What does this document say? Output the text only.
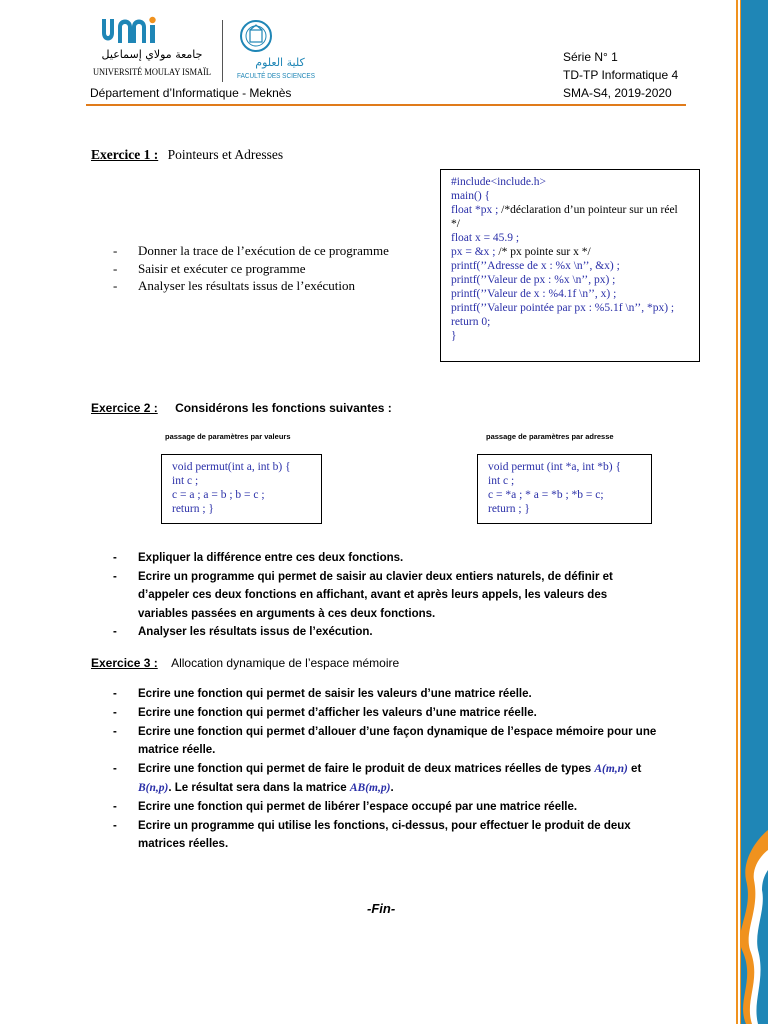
جامعة مولاي إسماعيل
UNIVERSITÉ MOULAY ISMAÏL
كلية العلوم
FACULTÉ DES SCIENCES
Département d’Informatique - Meknès
Série N° 1
TD-TP Informatique 4
SMA-S4, 2019-2020
Exercice 1 : Pointeurs et Adresses
- Donner la trace de l’exécution de ce programme
- Saisir et exécuter ce programme
- Analyser les résultats issus de l’exécution
#include<include.h>
main() {
float *px ; /*déclaration d’un pointeur sur un réel */
float x = 45.9 ;
px = &x ; /* px pointe sur x */
printf(’’Adresse de x : %x \n’’, &x) ;
printf(’’Valeur de px : %x \n’’, px) ;
printf(’’Valeur de x : %4.1f \n’’, x) ;
printf(’’Valeur pointée par px : %5.1f \n’’, *px) ;
return 0;
}
Exercice 2 : Considérons les fonctions suivantes :
passage de paramètres par valeurs	passage de paramètres par adresse
void permut(int a, int b) {
int c ;
c = a ; a = b ; b = c ;
return ; }
void permut (int *a, int *b) {
int c ;
c = *a ; * a = *b ; *b = c;
return ; }
- Expliquer la différence entre ces deux fonctions.
- Ecrire un programme qui permet de saisir au clavier deux entiers naturels, de définir et d’appeler ces deux fonctions en affichant, avant et après leurs appels, les valeurs des variables passées en arguments à ces deux fonctions.
- Analyser les résultats issus de l’exécution.
Exercice 3 : Allocation dynamique de l’espace mémoire
- Ecrire une fonction qui permet de saisir les valeurs d’une matrice réelle.
- Ecrire une fonction qui permet d’afficher les valeurs d’une matrice réelle.
- Ecrire une fonction qui permet d’allouer d’une façon dynamique de l’espace mémoire pour une matrice réelle.
- Ecrire une fonction qui permet de faire le produit de deux matrices réelles de types A(m,n) et B(n,p). Le résultat sera dans la matrice AB(m,p).
- Ecrire une fonction qui permet de libérer l’espace occupé par une matrice réelle.
- Ecrire un programme qui utilise les fonctions, ci-dessus, pour effectuer le produit de deux matrices réelles.
-Fin-
